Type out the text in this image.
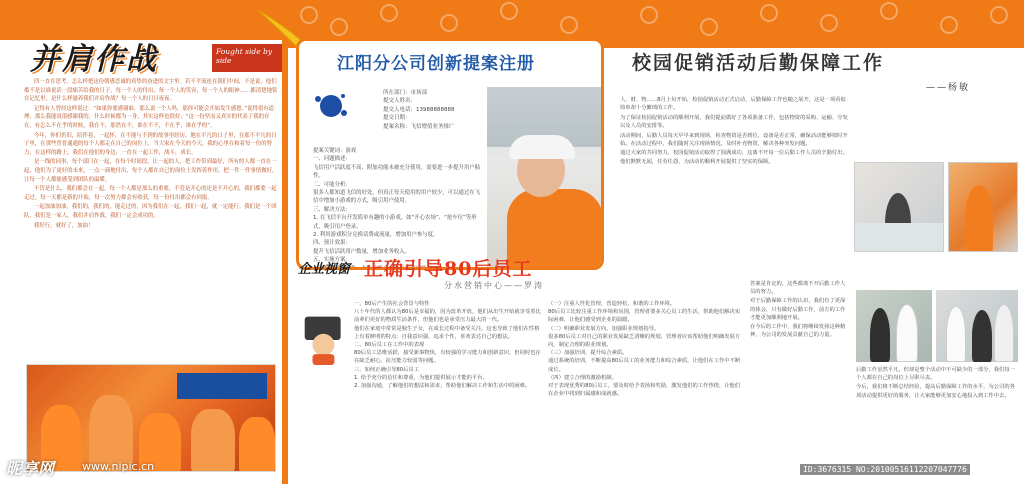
并肩作战	Fought side by side

四一直在思考，怎么样把这份朝感恋诚的真挚的奋进的文字里。若不平流连在我们中间，不是说，他们都不是以谁说话一段痛苦给我的日子，每一个人的付出，每一个人的笑容，每一个人的眼神……都清楚地铭在记忆里，是什么样滋养我们并肩作战？每一个人的日日夜夜。

记得有人曾经这样说过：“如果你要感谢谁，那么说一个人吗，那你可能会开始发生感恩。”说得很有道理，那么我能说很感谢我的，什么时候都为一身，其实这样也很好，“这一份坚而又真实的代表了我的存在，有怎么不在乎的时候，我在不，那然在不，谁在不不，不在乎，谁在乎的”。

今年，你们仍旧，陪伴着，一起怀，在不能与不到的故事里经历，地在平凡的日子里，在那不平凡的日子里，在那些普普通通的每个人都走在自己的岗位上，当大家在今天的今天，我的心里在和着每一份的努力，在这样的路上，我们在他们的身边，一直在一起工作，战斗，成长。

是一线的同事，每个部门在一起，在每个时间段，让一起的人，把工作带到最好，所有的人都一直在一起，他们为了更好的未来，一点一滴地付出，每个人都在自己的岗位上发挥着作用，把一件一件事情做好，让每一个人都能感受到团队的温暖。

不管是什么，我们都会在一起，每一个人都是那么的重要，不管是开心的还是不开心的，我们都要一起走过。每一天都是新的开始，每一次努力都会有收获，每一份付出都会有回报。

一起加油加油，我们的，我们的，能走过的，因为我们在一起，我们一起，就一定能行。我们是一个团队，我们是一家人，我们并肩作战，我们一定会成功的。

我好行，就好了，加油！

江阳分公司创新提案注册
所在部门：市场部
提交人姓名：
提交人电话：13988888888
提交日期：
提案名称：飞信增值业务推广
提案关键词：游戏
一、问题描述：
飞信用户活跃度不高，附加功能未被充分使用，需要进一步提升用户粘性。
二、可能分析：
很多人都知道飞信的好处，但真正每天使用的用户较少，可以通过在飞信中增加小游戏的方式，吸引用户使用。
三、解决方法：
1. 在飞信平台开发简单有趣的小游戏，如“开心农场”、“抢车位”等形式，吸引用户登录。
2. 利用游戏积分兑换话费或流量，增加用户参与度。
四、预计效果：
提升飞信活跃用户数量，增加业务收入。
五、实施方案：
企业视窗 正确引导80后员工
分水营销中心——罗涛
一、80后产生的社会背景与特性
八十年代的人都认为80后是幸福的，因为改革开放，他们从出生开始就享受着比前辈们更好的物质生活条件，但他们也是承受压力最大的一代。
他们在家庭中常常是独生子女，在成长过程中备受关注，这也导致了他们在性格上有着鲜明的特点：自我意识强，追求个性，喜欢表达自己的想法。
二、80后员工在工作中的表现
80后员工思维活跃，接受新事物快，有较强的学习能力和创新意识，但同时也存在缺乏耐心、抗压能力较弱等问题。
三、如何正确引导80后员工
1. 给予充分的信任和尊重，为他们提供展示才能的平台。
2. 加强沟通，了解他们的想法和需求，帮助他们解决工作和生活中的困难。
（一）注重人性化管理，营造轻松、和谐的工作环境。
80后员工比较注重工作环境和氛围，管理者要多关心员工的生活，帮助他们解决实际困难，让他们感受到企业的温暖。
（二）明确职业发展方向，加强职业规划指导。
很多80后员工对自己的职业发展缺乏清晰的规划，管理者应该帮助他们明确发展方向，制定合理的职业规划。
（三）加强培训，提升综合素质。
通过系统的培训，不断提高80后员工的业务能力和综合素质，让他们在工作中不断成长。
（四）建立合理的激励机制。
对于表现优秀的80后员工，要及时给予表扬和奖励，激发他们的工作热情，让他们在企业中找到归属感和成就感。
校园促销活动后勤保障工作
——杨敏

人、财、物……8月上旬开始，校园促销活动正式启动，后勤保障工作也随之展开，这是一项看似简单却十分繁琐的工作。

为了保证校园促销活动的顺利开展，我们提前做好了各项准备工作，包括物资的采购、运输、分发以及人员的安排等。

活动期间，后勤人员每天早早来到现场，检查物资是否到位，设备是否正常，确保活动能够按时开始。在活动过程中，我们随时关注现场情况，及时补充物资，解决各种突发问题。

通过大家的共同努力，校园促销活动取得了圆满成功，这离不开每一位后勤工作人员的辛勤付出。他们默默无闻，任劳任怨，为活动的顺利开展提供了坚实的保障。

答案是肯定的，这些都离不开后勤工作人员的努力。

对于后勤保障工作的认识，我们有了更深的体会，只有做好后勤工作，前方的工作才能更加顺利地开展。

在今后的工作中，我们将继续发扬这种精神，为公司的发展贡献自己的力量。

后勤工作虽然平凡，但却是整个活动中不可缺少的一部分，我们每一个人都在自己的岗位上尽职尽责。

今后，我们将不断总结经验，提高后勤保障工作的水平，为公司的各项活动提供更好的服务，让大家能够更加安心地投入到工作中去。

昵享网	www.nipic.cn	ID:3676315 NO:20100516112207047776
